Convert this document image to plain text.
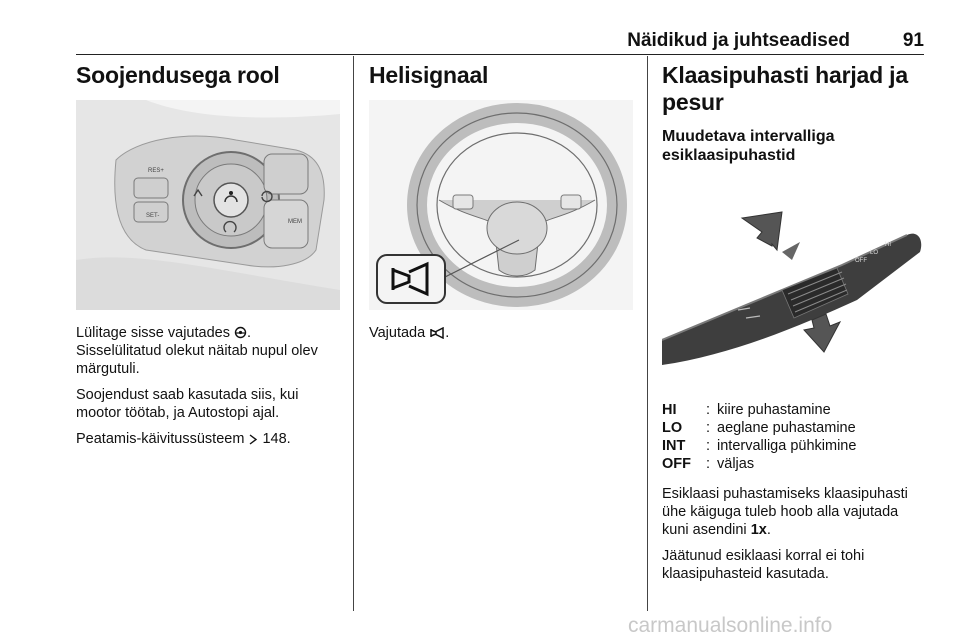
Näidikud ja juhtseadised	91
Soojendusega rool
RES+
SET-
MEM

Lülitage sisse vajutades .
Sisselülitatud olekut näitab nupul olev märgutuli.

Soojendust saab kasutada siis, kui mootor töötab, ja Autostopi ajal.

Peatamis-käivitussüsteem 148.

Helisignaal

Vajutada .

Klaasipuhasti harjad ja pesur
Muudetava intervalliga esiklaasipuhastid
OFF
LO
HI
HI : kiire puhastamine
LO : aeglane puhastamine
INT : intervalliga pühkimine
OFF : väljas

Esiklaasi puhastamiseks klaasipuhasti ühe käiguga tuleb hoob alla vajutada kuni asendini 1x.

Jäätunud esiklaasi korral ei tohi klaasipuhasteid kasutada.

carmanualsonline.info
